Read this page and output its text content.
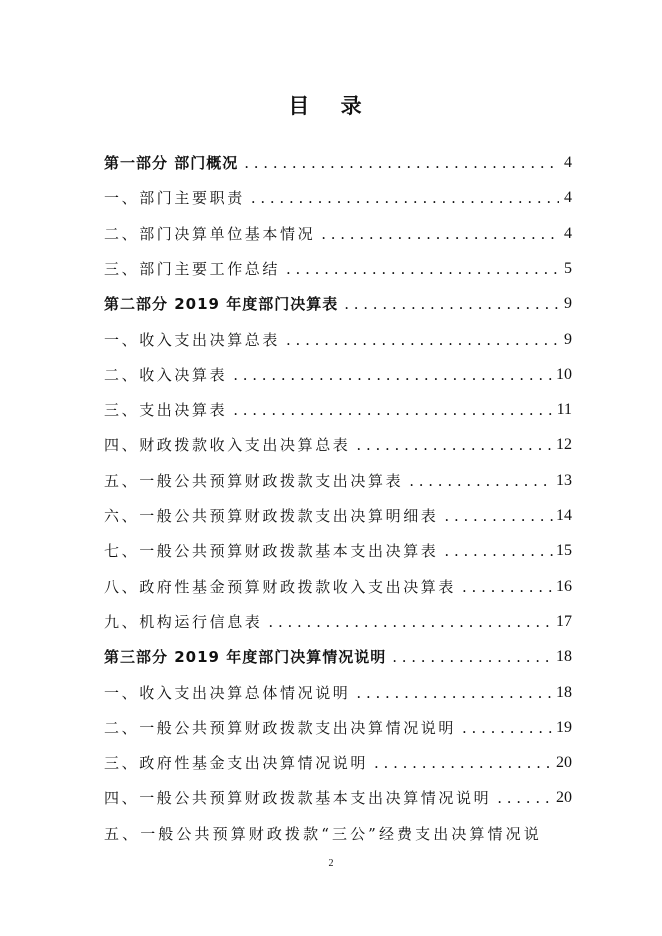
目 录
第一部分 部门概况 . . .	4
一、部门主要职责 . . .	4
二、部门决算单位基本情况 . . .	4
三、部门主要工作总结 . . .	5
第二部分 2019 年度部门决算表 . . .	9
一、收入支出决算总表 . . .	9
二、收入决算表 . . .	10
三、支出决算表 . . .	11
四、财政拨款收入支出决算总表 . . .	12
五、一般公共预算财政拨款支出决算表 . . .	13
六、一般公共预算财政拨款支出决算明细表 . . .	14
七、一般公共预算财政拨款基本支出决算表 . . .	15
八、政府性基金预算财政拨款收入支出决算表 . . .	16
九、机构运行信息表 . . .	17
第三部分 2019 年度部门决算情况说明 . . .	18
一、收入支出决算总体情况说明 . . .	18
二、一般公共预算财政拨款支出决算情况说明 . . .	19
三、政府性基金支出决算情况说明 . . .	20
四、一般公共预算财政拨款基本支出决算情况说明 . . .	20
五、一般公共预算财政拨款“三公”经费支出决算情况说
2
